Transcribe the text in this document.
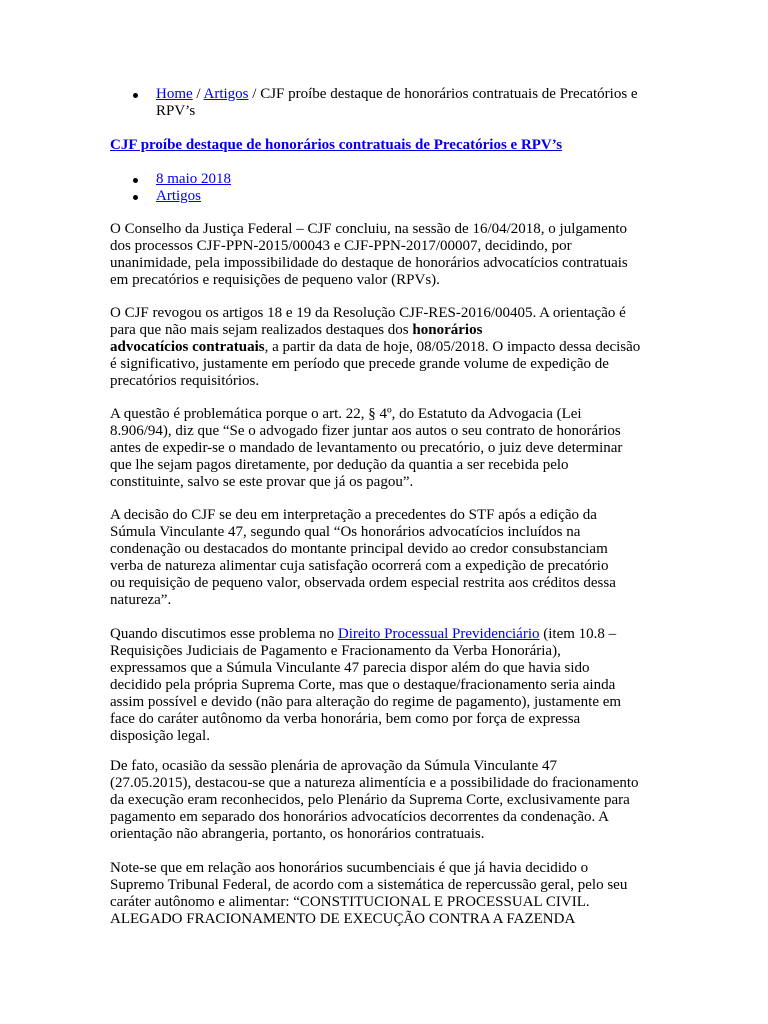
Home / Artigos / CJF proíbe destaque de honorários contratuais de Precatórios e
RPV’s
CJF proíbe destaque de honorários contratuais de Precatórios e RPV’s
8 maio 2018
Artigos

O Conselho da Justiça Federal – CJF concluiu, na sessão de 16/04/2018, o julgamento
dos processos CJF-PPN-2015/00043 e CJF-PPN-2017/00007, decidindo, por
unanimidade, pela impossibilidade do destaque de honorários advocatícios contratuais
em precatórios e requisições de pequeno valor (RPVs).

O CJF revogou os artigos 18 e 19 da Resolução CJF-RES-2016/00405. A orientação é
para que não mais sejam realizados destaques dos honorários
advocatícios contratuais, a partir da data de hoje, 08/05/2018. O impacto dessa decisão
é significativo, justamente em período que precede grande volume de expedição de
precatórios requisitórios.

A questão é problemática porque o art. 22, § 4º, do Estatuto da Advogacia (Lei
8.906/94), diz que “Se o advogado fizer juntar aos autos o seu contrato de honorários
antes de expedir-se o mandado de levantamento ou precatório, o juiz deve determinar
que lhe sejam pagos diretamente, por dedução da quantia a ser recebida pelo
constituinte, salvo se este provar que já os pagou”.

A decisão do CJF se deu em interpretação a precedentes do STF após a edição da
Súmula Vinculante 47, segundo qual “Os honorários advocatícios incluídos na
condenação ou destacados do montante principal devido ao credor consubstanciam
verba de natureza alimentar cuja satisfação ocorrerá com a expedição de precatório
ou requisição de pequeno valor, observada ordem especial restrita aos créditos dessa
natureza”.

Quando discutimos esse problema no Direito Processual Previdenciário (item 10.8 –
Requisições Judiciais de Pagamento e Fracionamento da Verba Honorária),
expressamos que a Súmula Vinculante 47 parecia dispor além do que havia sido
decidido pela própria Suprema Corte, mas que o destaque/fracionamento seria ainda
assim possível e devido (não para alteração do regime de pagamento), justamente em
face do caráter autônomo da verba honorária, bem como por força de expressa
disposição legal.

De fato, ocasião da sessão plenária de aprovação da Súmula Vinculante 47
(27.05.2015), destacou-se que a natureza alimentícia e a possibilidade do fracionamento
da execução eram reconhecidos, pelo Plenário da Suprema Corte, exclusivamente para
pagamento em separado dos honorários advocatícios decorrentes da condenação. A
orientação não abrangeria, portanto, os honorários contratuais.

Note-se que em relação aos honorários sucumbenciais é que já havia decidido o
Supremo Tribunal Federal, de acordo com a sistemática de repercussão geral, pelo seu
caráter autônomo e alimentar: “CONSTITUCIONAL E PROCESSUAL CIVIL.
ALEGADO FRACIONAMENTO DE EXECUÇÃO CONTRA A FAZENDA
